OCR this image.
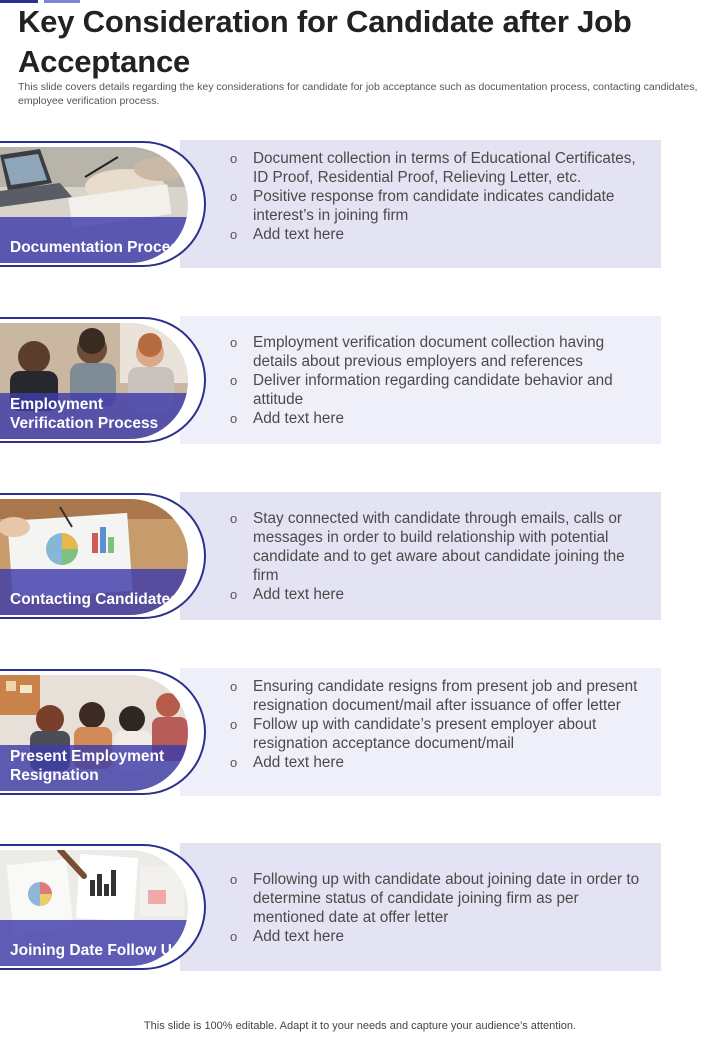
Key Consideration for Candidate after Job Acceptance
This slide covers details regarding the key considerations for candidate for job acceptance such as documentation process, contacting candidates, employee verification process.
o Document collection in terms of Educational Certificates, ID Proof, Residential Proof, Relieving Letter, etc.
o Positive response from candidate indicates candidate interest’s in joining firm
o Add text here
Documentation Process
o Employment verification document collection having details about previous employers and references
o Deliver information regarding candidate behavior and attitude
o Add text here
Employment Verification Process
o Stay connected with candidate through emails, calls or messages in order to build relationship with potential candidate and to get aware about candidate joining the firm
o Add text here
Contacting Candidates
o Ensuring candidate resigns from present job and present resignation document/mail after issuance of offer letter
o Follow up with candidate’s present employer about resignation acceptance document/mail
o Add text here
Present Employment Resignation
o Following up with candidate about joining date in order to determine status of candidate joining firm as per mentioned date at offer letter
o Add text here
Joining Date Follow Up
This slide is 100% editable. Adapt it to your needs and capture your audience’s attention.
